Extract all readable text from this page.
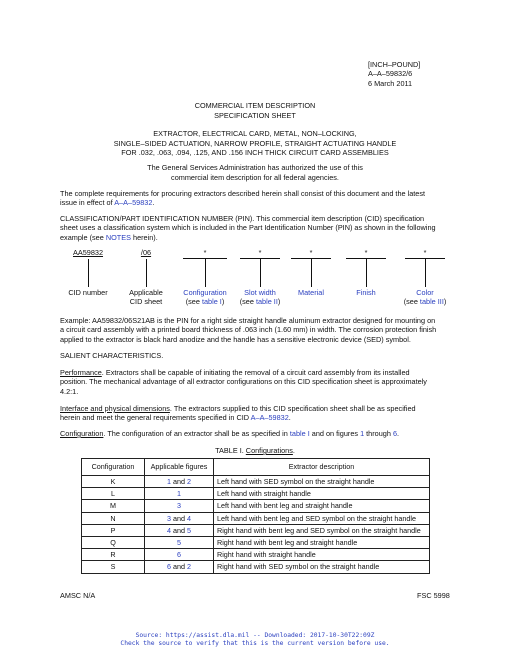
[INCH–POUND]
A–A–59832/6
6 March 2011
COMMERCIAL ITEM DESCRIPTION
SPECIFICATION SHEET
EXTRACTOR, ELECTRICAL CARD, METAL, NON–LOCKING,
SINGLE–SIDED ACTUATION, NARROW PROFILE, STRAIGHT ACTUATING HANDLE
FOR .032, .063, .094, .125, AND .156 INCH THICK CIRCUIT CARD ASSEMBLIES
The General Services Administration has authorized the use of this
commercial item description for all federal agencies.
The complete requirements for procuring extractors described herein shall consist of this document and the latest
issue in effect of A–A–59832.
CLASSIFICATION/PART IDENTIFICATION NUMBER (PIN). This commercial item description (CID) specification
sheet uses a classification system which is included in the Part Identification Number (PIN) as shown in the following
example (see NOTES herein).
AA59832	/06	*	*	*	*	*
CID number	Applicable
CID sheet
Configuration
(see table I)
Slot width
(see table II)
Material	Finish	Color
(see table III)
Example: AA59832/06S21AB is the PIN for a right side straight handle aluminum extractor designed for mounting on
a circuit card assembly with a printed board thickness of .063 inch (1.60 mm) in width. The corrosion protection finish
applied to the extractor is black hard anodize and the handle has a sensitive electronic device (SED) symbol.
SALIENT CHARACTERISTICS.
Performance. Extractors shall be capable of initiating the removal of a circuit card assembly from its installed
position. The mechanical advantage of all extractor configurations on this CID specification sheet is approximately
4.2:1.
Interface and physical dimensions. The extractors supplied to this CID specification sheet shall be as specified
herein and meet the general requirements specified in CID A–A–59832.
Configuration. The configuration of an extractor shall be as specified in table I and on figures 1 through 6.
TABLE I. Configurations.
Configuration	Applicable figures	Extractor description
K	1 and 2	Left hand with SED symbol on the straight handle
L	1	Left hand with straight handle
M	3	Left hand with bent leg and straight handle
N	3 and 4	Left hand with bent leg and SED symbol on the straight handle
P	4 and 5	Right hand with bent leg and SED symbol on the straight handle
Q	5	Right hand with bent leg and straight handle
R	6	Right hand with straight handle
S	6 and 2	Right hand with SED symbol on the straight handle
AMSC N/A	FSC 5998
Source: https://assist.dla.mil -- Downloaded: 2017-10-30T22:09Z
Check the source to verify that this is the current version before use.
